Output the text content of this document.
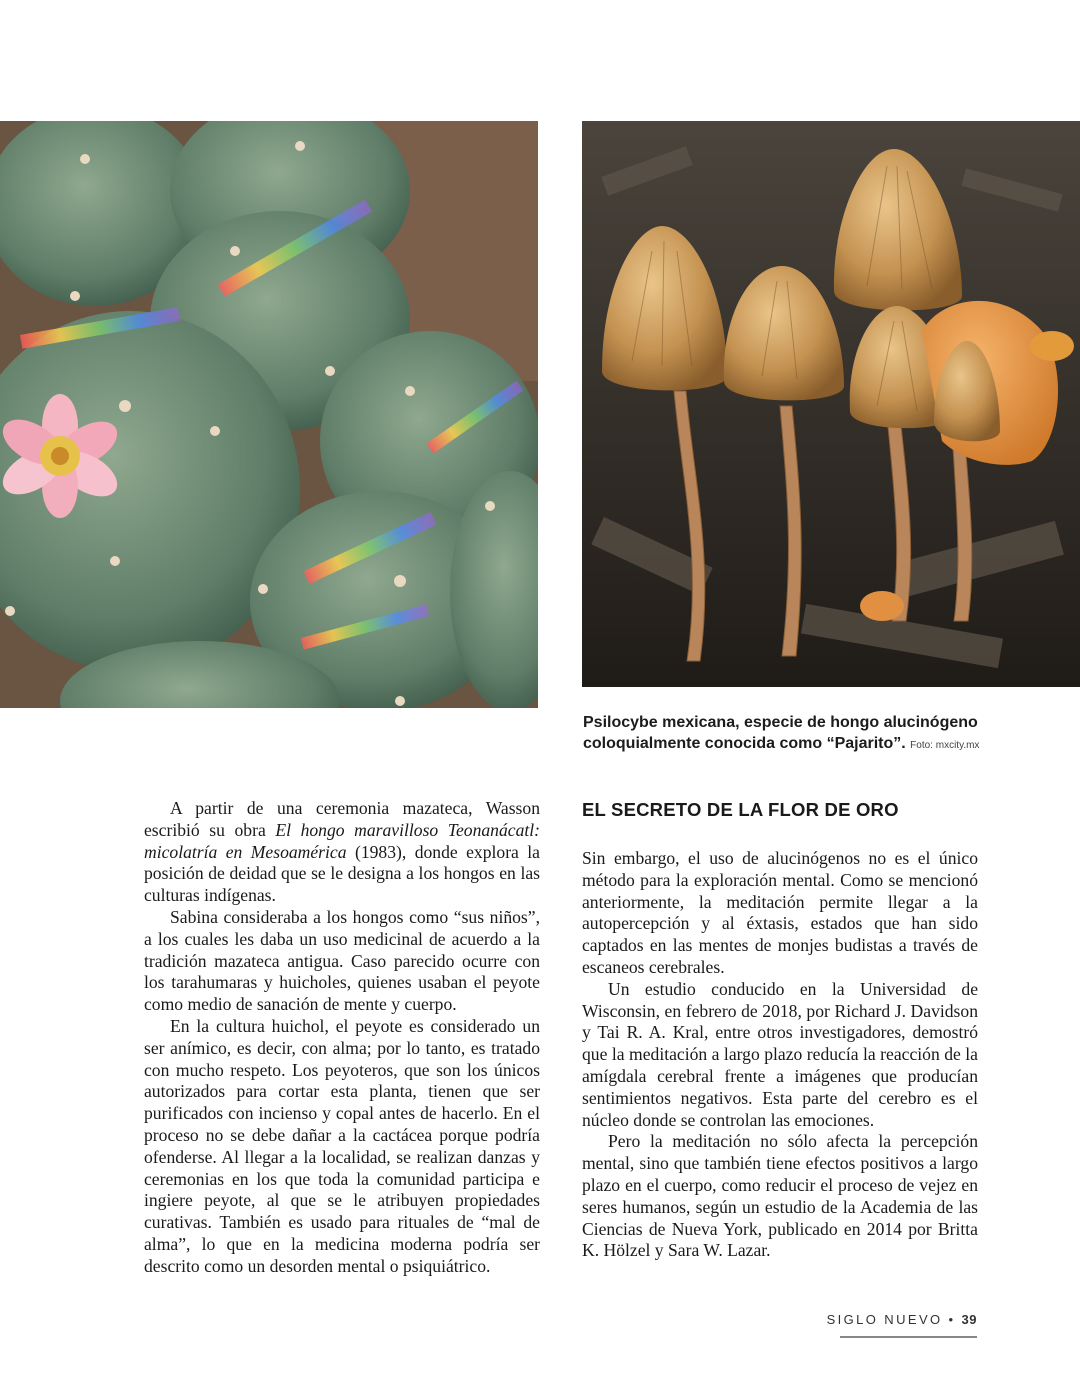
Psilocybe mexicana, especie de hongo alucinógeno coloquialmente conocida como “Pajarito”. Foto: mxcity.mx

A partir de una ceremonia mazateca, Wasson escribió su obra El hongo maravilloso Teonanácatl: micolatría en Mesoamérica (1983), donde explora la posición de deidad que se le designa a los hongos en las culturas indígenas.

Sabina consideraba a los hongos como “sus niños”, a los cuales les daba un uso medicinal de acuerdo a la tradición mazateca antigua. Caso parecido ocurre con los tarahumaras y huicholes, quienes usaban el peyote como medio de sanación de mente y cuerpo.

En la cultura huichol, el peyote es considerado un ser anímico, es decir, con alma; por lo tanto, es tratado con mucho respeto. Los peyoteros, que son los únicos autorizados para cortar esta planta, tienen que ser purificados con incienso y copal antes de hacerlo. En el proceso no se debe dañar a la cactácea porque podría ofenderse. Al llegar a la localidad, se realizan danzas y ceremonias en los que toda la comunidad participa e ingiere peyote, al que se le atribuyen propiedades curativas. También es usado para rituales de “mal de alma”, lo que en la medicina moderna podría ser descrito como un desorden mental o psiquiátrico.

EL SECRETO DE LA FLOR DE ORO

Sin embargo, el uso de alucinógenos no es el único método para la exploración mental. Como se mencionó anteriormente, la meditación permite llegar a la autopercepción y al éxtasis, estados que han sido captados en las mentes de monjes budistas a través de escaneos cerebrales.

Un estudio conducido en la Universidad de Wisconsin, en febrero de 2018, por Richard J. Davidson y Tai R. A. Kral, entre otros investigadores, demostró que la meditación a largo plazo reducía la reacción de la amígdala cerebral frente a imágenes que producían sentimientos negativos. Esta parte del cerebro es el núcleo donde se controlan las emociones.

Pero la meditación no sólo afecta la percepción mental, sino que también tiene efectos positivos a largo plazo en el cuerpo, como reducir el proceso de vejez en seres humanos, según un estudio de la Academia de las Ciencias de Nueva York, publicado en 2014 por Britta K. Hölzel y Sara W. Lazar.

SIGLO NUEVO • 39
